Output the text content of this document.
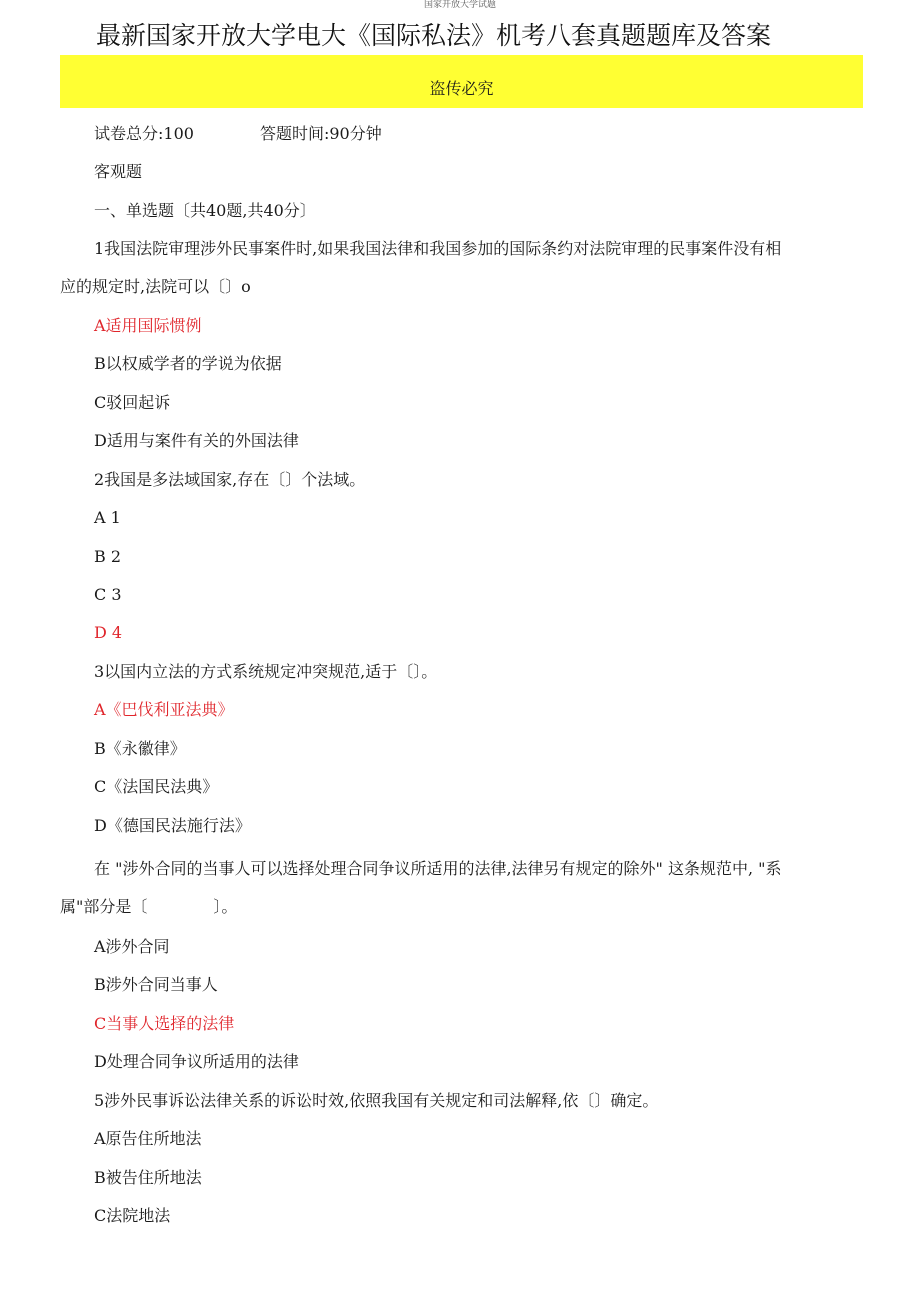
国家开放大学试题
最新国家开放大学电大《国际私法》机考八套真题题库及答案
盗传必究
试卷总分:100	答题时间:90分钟
客观题
一、单选题〔共40题,共40分〕
1我国法院审理涉外民事案件时,如果我国法律和我国参加的国际条约对法院审理的民事案件没有相
应的规定时,法院可以〔〕o
A适用国际惯例
B以权威学者的学说为依据
C驳回起诉
D适用与案件有关的外国法律
2我国是多法域国家,存在〔〕个法域。
A 1
B 2
C 3
D 4
3以国内立法的方式系统规定冲突规范,适于〔〕。
A《巴伐利亚法典》
B《永徽律》
C《法国民法典》
D《德国民法施行法》
在 "涉外合同的当事人可以选择处理合同争议所适用的法律,法律另有规定的除外" 这条规范中, "系
属"部分是〔	〕。
A涉外合同
B涉外合同当事人
C当事人选择的法律
D处理合同争议所适用的法律
5涉外民事诉讼法律关系的诉讼时效,依照我国有关规定和司法解释,依〔〕确定。
A原告住所地法
B被告住所地法
C法院地法
